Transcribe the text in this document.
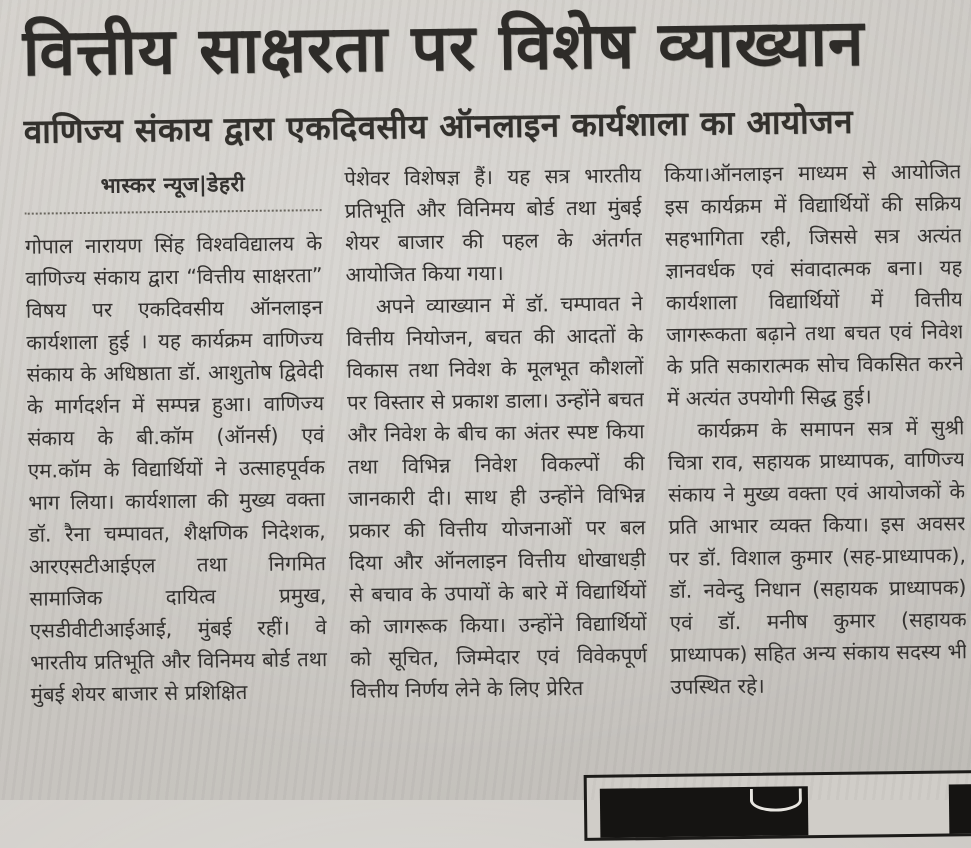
वित्तीय साक्षरता पर विशेष व्याख्यान
वाणिज्य संकाय द्वारा एकदिवसीय ऑनलाइन कार्यशाला का आयोजन
भास्कर न्यूज|डेहरी

गोपाल नारायण सिंह विश्वविद्यालय के वाणिज्य संकाय द्वारा “वित्तीय साक्षरता” विषय पर एकदिवसीय ऑनलाइन कार्यशाला हुई । यह कार्यक्रम वाणिज्य संकाय के अधिष्ठाता डॉ. आशुतोष द्विवेदी के मार्गदर्शन में सम्पन्न हुआ। वाणिज्य संकाय के बी.कॉम (ऑनर्स) एवं एम.कॉम के विद्यार्थियों ने उत्साहपूर्वक भाग लिया। कार्यशाला की मुख्य वक्ता डॉ. रैना चम्पावत, शैक्षणिक निदेशक, आरएसटीआईएल तथा निगमित सामाजिक दायित्व प्रमुख, एसडीवीटीआईआई, मुंबई रहीं। वे भारतीय प्रतिभूति और विनिमय बोर्ड तथा मुंबई शेयर बाजार से प्रशिक्षित

पेशेवर विशेषज्ञ हैं। यह सत्र भारतीय प्रतिभूति और विनिमय बोर्ड तथा मुंबई शेयर बाजार की पहल के अंतर्गत आयोजित किया गया।

अपने व्याख्यान में डॉ. चम्पावत ने वित्तीय नियोजन, बचत की आदतों के विकास तथा निवेश के मूलभूत कौशलों पर विस्तार से प्रकाश डाला। उन्होंने बचत और निवेश के बीच का अंतर स्पष्ट किया तथा विभिन्न निवेश विकल्पों की जानकारी दी। साथ ही उन्होंने विभिन्न प्रकार की वित्तीय योजनाओं पर बल दिया और ऑनलाइन वित्तीय धोखाधड़ी से बचाव के उपायों के बारे में विद्यार्थियों को जागरूक किया। उन्होंने विद्यार्थियों को सूचित, जिम्मेदार एवं विवेकपूर्ण वित्तीय निर्णय लेने के लिए प्रेरित

किया।ऑनलाइन माध्यम से आयोजित इस कार्यक्रम में विद्यार्थियों की सक्रिय सहभागिता रही, जिससे सत्र अत्यंत ज्ञानवर्धक एवं संवादात्मक बना। यह कार्यशाला विद्यार्थियों में वित्तीय जागरूकता बढ़ाने तथा बचत एवं निवेश के प्रति सकारात्मक सोच विकसित करने में अत्यंत उपयोगी सिद्ध हुई।

कार्यक्रम के समापन सत्र में सुश्री चित्रा राव, सहायक प्राध्यापक, वाणिज्य संकाय ने मुख्य वक्ता एवं आयोजकों के प्रति आभार व्यक्त किया। इस अवसर पर डॉ. विशाल कुमार (सह-प्राध्यापक), डॉ. नवेन्दु निधान (सहायक प्राध्यापक) एवं डॉ. मनीष कुमार (सहायक प्राध्यापक) सहित अन्य संकाय सदस्य भी उपस्थित रहे।
